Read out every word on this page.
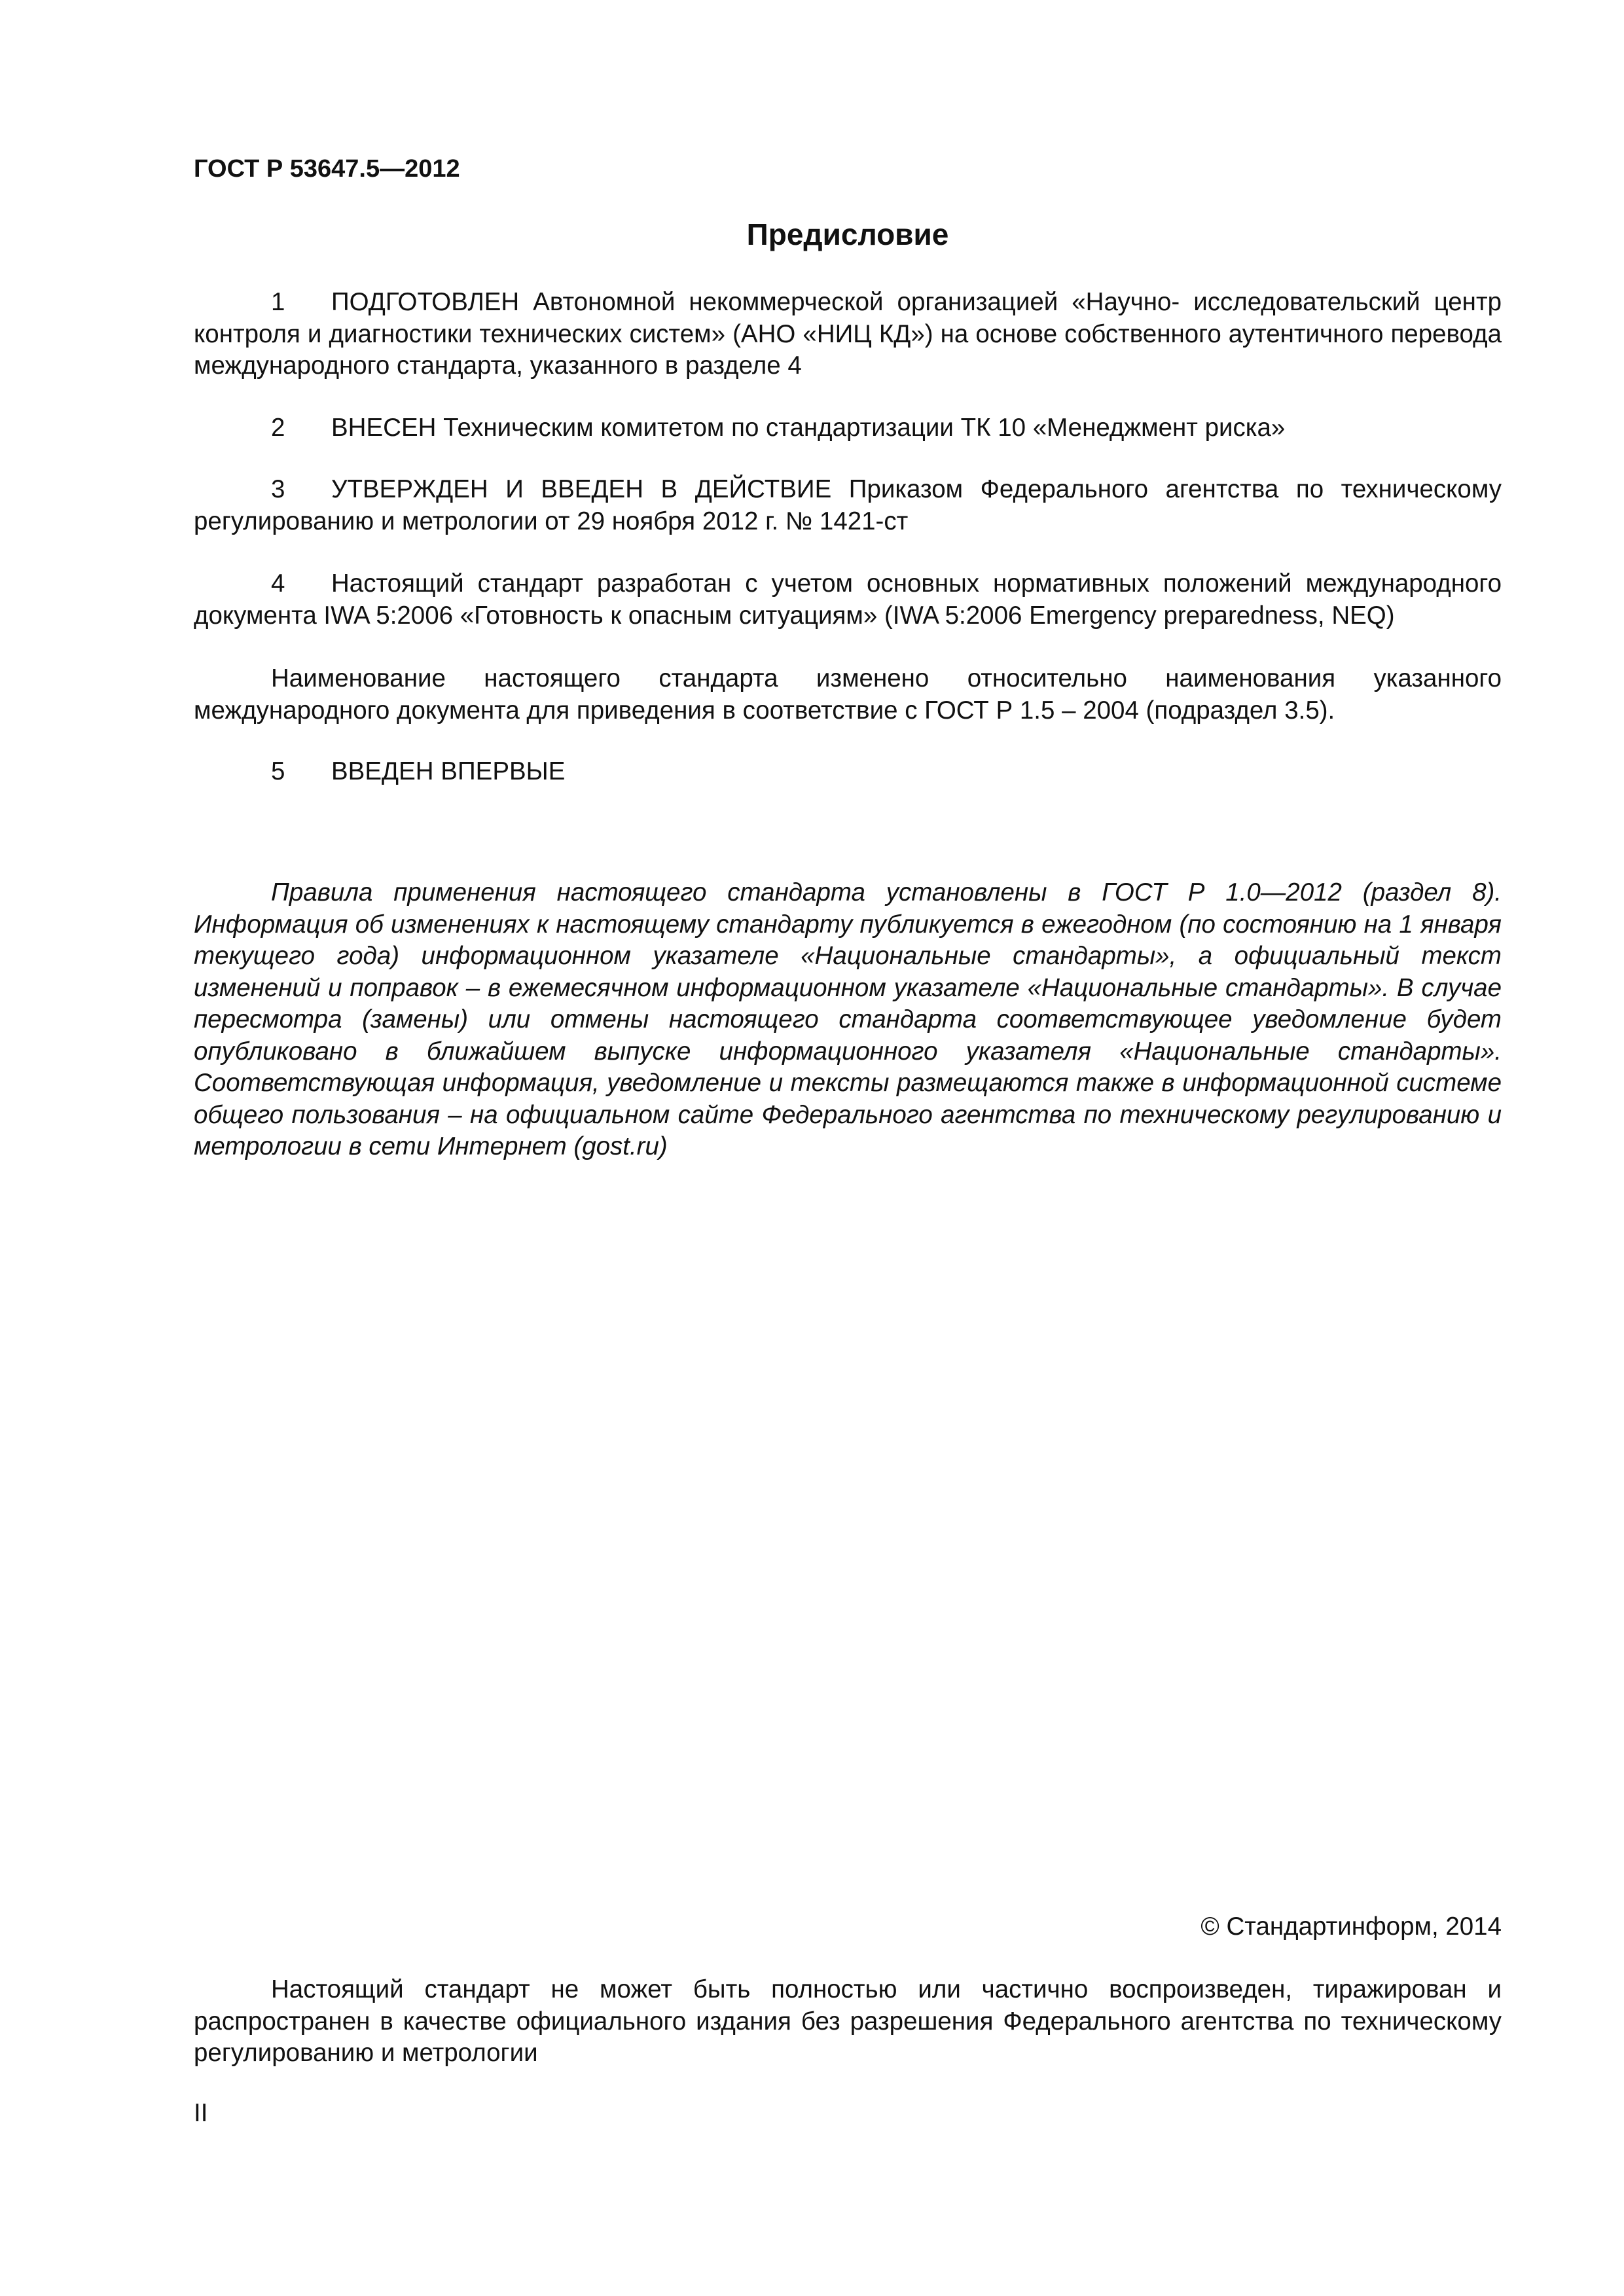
ГОСТ Р 53647.5—2012
Предисловие

1 ПОДГОТОВЛЕН Автономной некоммерческой организацией «Научно- исследовательский центр контроля и диагностики технических систем» (АНО «НИЦ КД») на основе собственного аутентичного перевода международного стандарта, указанного в разделе 4

2 ВНЕСЕН Техническим комитетом по стандартизации ТК 10 «Менеджмент риска»

3 УТВЕРЖДЕН И ВВЕДЕН В ДЕЙСТВИЕ Приказом Федерального агентства по техническому регулированию и метрологии от 29 ноября 2012 г. № 1421-ст

4 Настоящий стандарт разработан с учетом основных нормативных положений международного документа IWA 5:2006 «Готовность к опасным ситуациям» (IWA 5:2006 Emergency preparedness, NEQ)

Наименование настоящего стандарта изменено относительно наименования указанного международного документа для приведения в соответствие с ГОСТ Р 1.5 – 2004 (подраздел 3.5).

5 ВВЕДЕН ВПЕРВЫЕ

Правила применения настоящего стандарта установлены в ГОСТ Р 1.0—2012 (раздел 8). Информация об изменениях к настоящему стандарту публикуется в ежегодном (по состоянию на 1 января текущего года) информационном указателе «Национальные стандарты», а официальный текст изменений и поправок – в ежемесячном информационном указателе «Национальные стандарты». В случае пересмотра (замены) или отмены настоящего стандарта соответствующее уведомление будет опубликовано в ближайшем выпуске информационного указателя «Национальные стандарты». Соответствующая информация, уведомление и тексты размещаются также в информационной системе общего пользования – на официальном сайте Федерального агентства по техническому регулированию и метрологии в сети Интернет (gost.ru)

© Стандартинформ, 2014

Настоящий стандарт не может быть полностью или частично воспроизведен, тиражирован и распространен в качестве официального издания без разрешения Федерального агентства по техническому регулированию и метрологии

II
